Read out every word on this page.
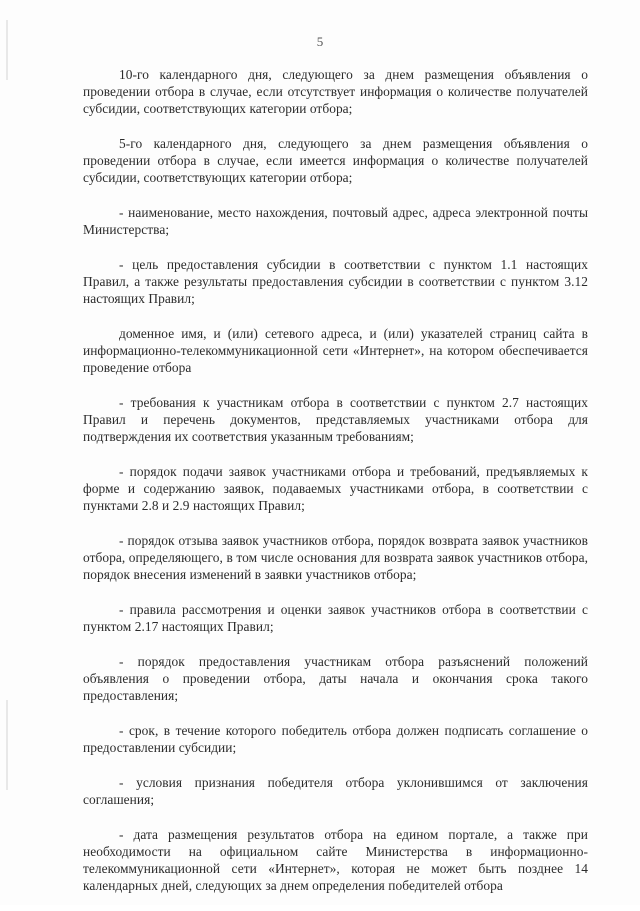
5

10-го календарного дня, следующего за днем размещения объявления о проведении отбора в случае, если отсутствует информация о количестве получателей субсидии, соответствующих категории отбора;

5-го календарного дня, следующего за днем размещения объявления о проведении отбора в случае, если имеется информация о количестве получателей субсидии, соответствующих категории отбора;

- наименование, место нахождения, почтовый адрес, адреса электронной почты Министерства;

- цель предоставления субсидии в соответствии с пунктом 1.1 настоящих Правил, а также результаты предоставления субсидии в соответствии с пунктом 3.12 настоящих Правил;

доменное имя, и (или) сетевого адреса, и (или) указателей страниц сайта в информационно-телекоммуникационной сети «Интернет», на котором обеспечивается проведение отбора

- требования к участникам отбора в соответствии с пунктом 2.7 настоящих Правил и перечень документов, представляемых участниками отбора для подтверждения их соответствия указанным требованиям;

- порядок подачи заявок участниками отбора и требований, предъявляемых к форме и содержанию заявок, подаваемых участниками отбора, в соответствии с пунктами 2.8 и 2.9 настоящих Правил;

- порядок отзыва заявок участников отбора, порядок возврата заявок участников отбора, определяющего, в том числе основания для возврата заявок участников отбора, порядок внесения изменений в заявки участников отбора;

- правила рассмотрения и оценки заявок участников отбора в соответствии с пунктом 2.17 настоящих Правил;

- порядок предоставления участникам отбора разъяснений положений объявления о проведении отбора, даты начала и окончания срока такого предоставления;

- срок, в течение которого победитель отбора должен подписать соглашение о предоставлении субсидии;

- условия признания победителя отбора уклонившимся от заключения соглашения;

- дата размещения результатов отбора на едином портале, а также при необходимости на официальном сайте Министерства в информационно-телекоммуникационной сети «Интернет», которая не может быть позднее 14 календарных дней, следующих за днем определения победителей отбора
